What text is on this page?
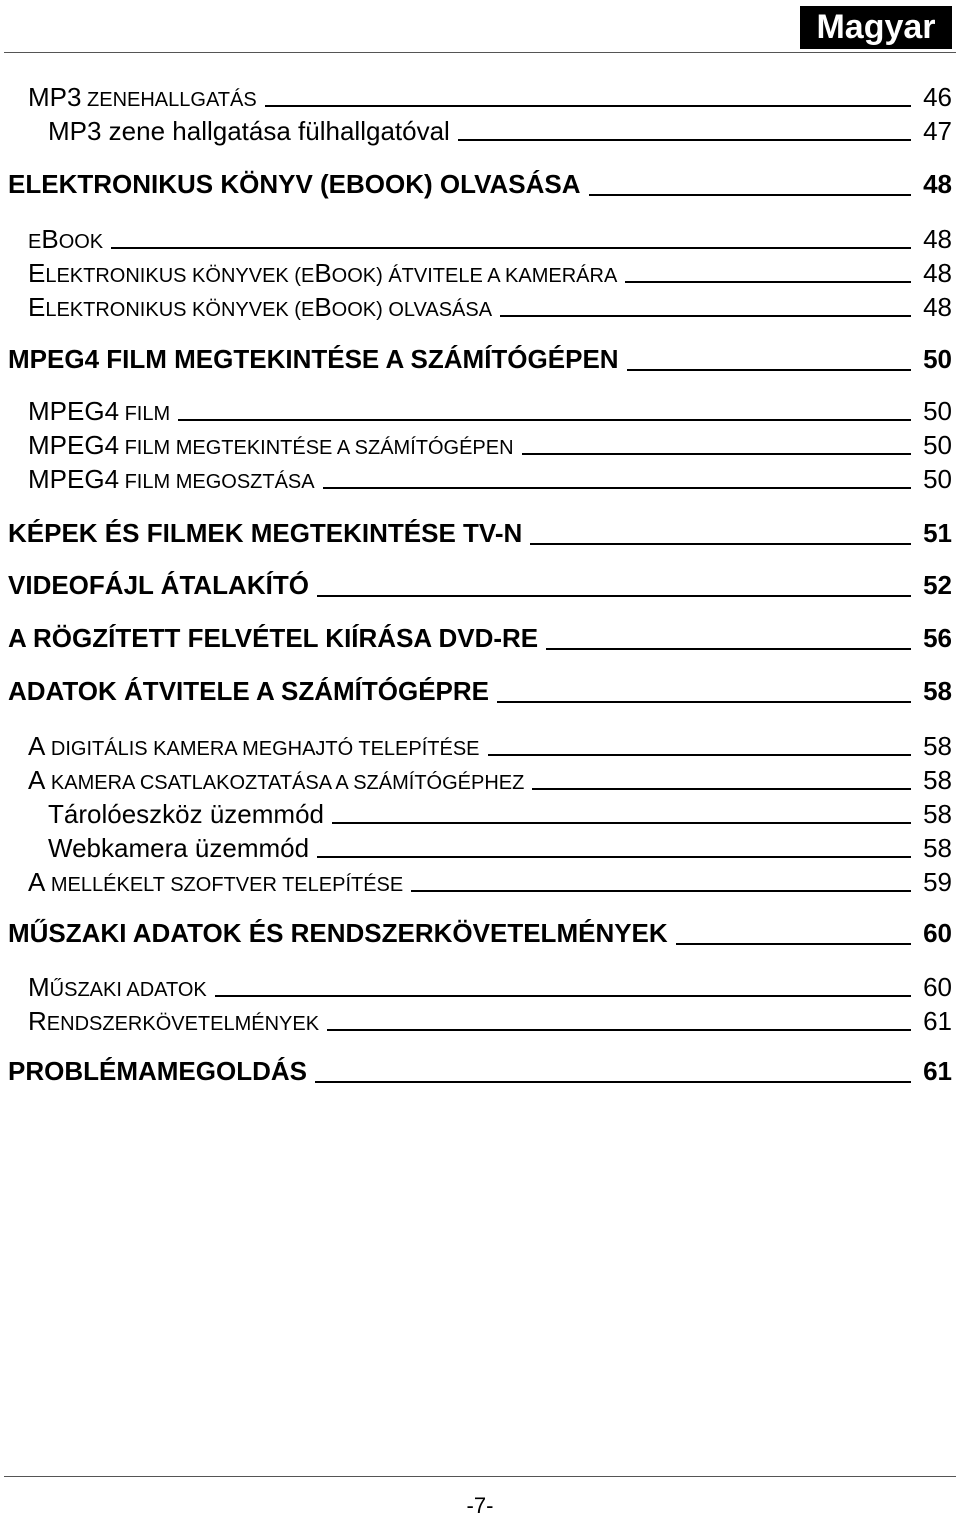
Magyar
MP3 ZENEHALLGATÁS	46
MP3 zene hallgatása fülhallgatóval	47
ELEKTRONIKUS KÖNYV (EBOOK) OLVASÁSA	48
EBOOK	48
ELEKTRONIKUS KÖNYVEK (EBOOK) ÁTVITELE A KAMERÁRA	48
ELEKTRONIKUS KÖNYVEK (EBOOK) OLVASÁSA	48
MPEG4 FILM MEGTEKINTÉSE A SZÁMÍTÓGÉPEN	50
MPEG4 FILM	50
MPEG4 FILM MEGTEKINTÉSE A SZÁMÍTÓGÉPEN	50
MPEG4 FILM MEGOSZTÁSA	50
KÉPEK ÉS FILMEK MEGTEKINTÉSE TV-N	51
VIDEOFÁJL ÁTALAKÍTÓ	52
A RÖGZÍTETT FELVÉTEL KIÍRÁSA DVD-RE	56
ADATOK ÁTVITELE A SZÁMÍTÓGÉPRE	58
A DIGITÁLIS KAMERA MEGHAJTÓ TELEPÍTÉSE	58
A KAMERA CSATLAKOZTATÁSA A SZÁMÍTÓGÉPHEZ	58
Tárolóeszköz üzemmód	58
Webkamera üzemmód	58
A MELLÉKELT SZOFTVER TELEPÍTÉSE	59
MŰSZAKI ADATOK ÉS RENDSZERKÖVETELMÉNYEK	60
MŰSZAKI ADATOK	60
RENDSZERKÖVETELMÉNYEK	61
PROBLÉMAMEGOLDÁS	61
-7-
